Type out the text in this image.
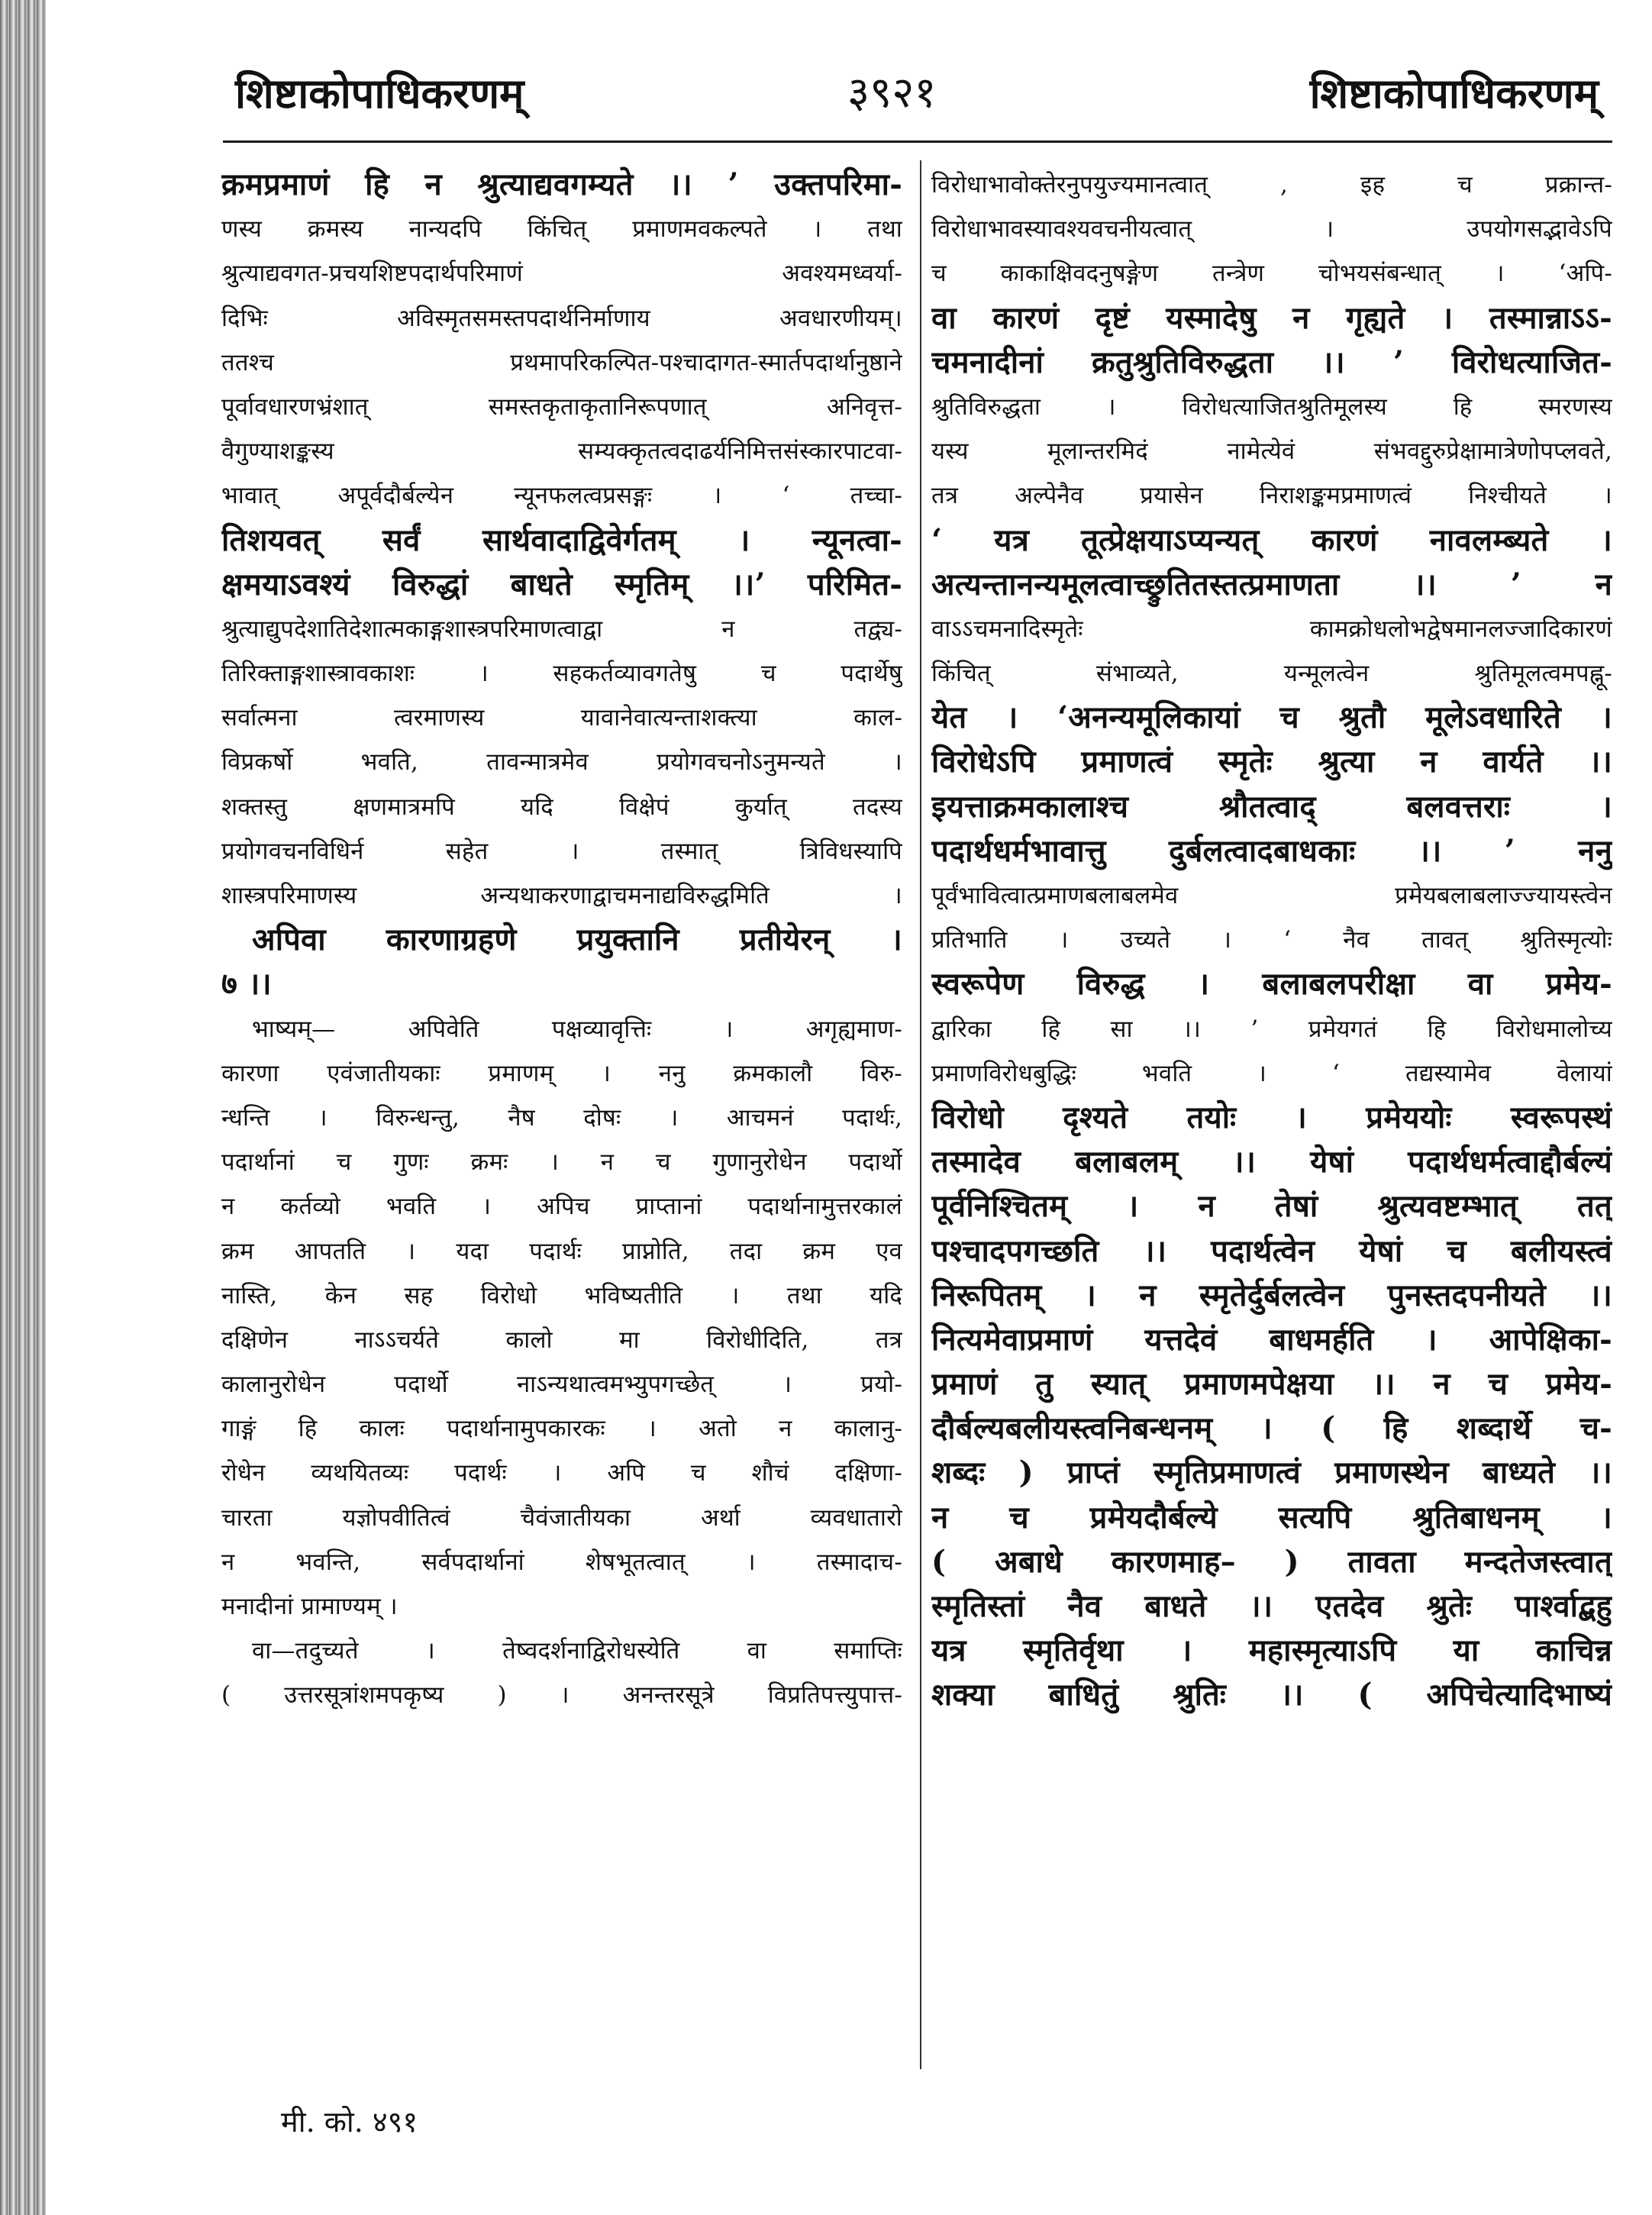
शिष्टाकोपाधिकरणम्	३९२१	शिष्टाकोपाधिकरणम्
क्रमप्रमाणं हि न श्रुत्याद्यवगम्यते ।। ’ उक्तपरिमा-
णस्य क्रमस्य नान्यदपि किंचित् प्रमाणमवकल्पते । तथा
श्रुत्याद्यवगत-प्रचयशिष्टपदार्थपरिमाणं अवश्यमध्वर्या-
दिभिः अविस्मृतसमस्तपदार्थनिर्माणाय अवधारणीयम्।
ततश्च प्रथमापरिकल्पित-पश्चादागत-स्मार्तपदार्थानुष्ठाने
पूर्वावधारणभ्रंशात् समस्तकृताकृतानिरूपणात् अनिवृत्त-
वैगुण्याशङ्कस्य सम्यक्कृतत्वदाढर्यनिमित्तसंस्कारपाटवा-
भावात् अपूर्वदौर्बल्येन न्यूनफलत्वप्रसङ्गः । ‘ तच्चा-
तिशयवत् सर्वं सार्थवादाद्विवेर्गतम् । न्यूनत्वा-
क्षमयाऽवश्यं विरुद्धां बाधते स्मृतिम् ।।’ परिमित-
श्रुत्याद्युपदेशातिदेशात्मकाङ्गशास्त्रपरिमाणत्वाद्वा न तद्व्य-
तिरिक्ताङ्गशास्त्रावकाशः । सहकर्तव्यावगतेषु च पदार्थेषु
सर्वात्मना त्वरमाणस्य यावानेवात्यन्ताशक्त्या काल-
विप्रकर्षो भवति, तावन्मात्रमेव प्रयोगवचनोऽनुमन्यते ।
शक्तस्तु क्षणमात्रमपि यदि विक्षेपं कुर्यात् तदस्य
प्रयोगवचनविधिर्न सहेत । तस्मात् त्रिविधस्यापि
शास्त्रपरिमाणस्य अन्यथाकरणाद्वाचमनाद्यविरुद्धमिति ।
अपिवा कारणाग्रहणे प्रयुक्तानि प्रतीयेरन् ।
७ ।।
भाष्यम्— अपिवेति पक्षव्यावृत्तिः । अगृह्यमाण-
कारणा एवंजातीयकाः प्रमाणम् । ननु क्रमकालौ विरु-
न्धन्ति । विरुन्धन्तु, नैष दोषः । आचमनं पदार्थः,
पदार्थानां च गुणः क्रमः । न च गुणानुरोधेन पदार्थो
न कर्तव्यो भवति । अपिच प्राप्तानां पदार्थानामुत्तरकालं
क्रम आपतति । यदा पदार्थः प्राप्नोति, तदा क्रम एव
नास्ति, केन सह विरोधो भविष्यतीति । तथा यदि
दक्षिणेन नाऽऽचर्यते कालो मा विरोधीदिति, तत्र
कालानुरोधेन पदार्थो नाऽन्यथात्वमभ्युपगच्छेत् । प्रयो-
गाङ्गं हि कालः पदार्थानामुपकारकः । अतो न कालानु-
रोधेन व्यथयितव्यः पदार्थः । अपि च शौचं दक्षिणा-
चारता यज्ञोपवीतित्वं चैवंजातीयका अर्था व्यवधातारो
न भवन्ति, सर्वपदार्थानां शेषभूतत्वात् । तस्मादाच-
मनादीनां प्रामाण्यम् ।
वा—तदुच्यते । तेष्वदर्शनाद्विरोधस्येति वा समाप्तिः
( उत्तरसूत्रांशमपकृष्य ) । अनन्तरसूत्रे विप्रतिपत्त्युपात्त-
विरोधाभावोक्तेरनुपयुज्यमानत्वात् , इह च प्रक्रान्त-
विरोधाभावस्यावश्यवचनीयत्वात् । उपयोगसद्भावेऽपि
च काकाक्षिवदनुषङ्गेण तन्त्रेण चोभयसंबन्धात् । ‘अपि-
वा कारणं दृष्टं यस्मादेषु न गृह्यते । तस्मान्नाऽऽ-
चमनादीनां क्रतुश्रुतिविरुद्धता ।। ’ विरोधत्याजित-
श्रुतिविरुद्धता । विरोधत्याजितश्रुतिमूलस्य हि स्मरणस्य
यस्य मूलान्तरमिदं नामेत्येवं संभवद्दुरुप्रेक्षामात्रेणोपप्लवते,
तत्र अल्पेनैव प्रयासेन निराशङ्कमप्रमाणत्वं निश्चीयते ।
‘ यत्र तूत्प्रेक्षयाऽप्यन्यत् कारणं नावलम्ब्यते ।
अत्यन्तानन्यमूलत्वाच्छ्रुतितस्तत्प्रमाणता ।। ’ न
वाऽऽचमनादिस्मृतेः कामक्रोधलोभद्वेषमानलज्जादिकारणं
किंचित् संभाव्यते, यन्मूलत्वेन श्रुतिमूलत्वमपह्नू-
येत । ‘अनन्यमूलिकायां च श्रुतौ मूलेऽवधारिते ।
विरोधेऽपि प्रमाणत्वं स्मृतेः श्रुत्या न वार्यते ।।
इयत्ताक्रमकालाश्च श्रौतत्वाद् बलवत्तराः ।
पदार्थधर्मभावात्तु दुर्बलत्वादबाधकाः ।। ’ ननु
पूर्वंभावित्वात्प्रमाणबलाबलमेव प्रमेयबलाबलाज्ज्यायस्त्वेन
प्रतिभाति । उच्यते । ‘ नैव तावत् श्रुतिस्मृत्योः
स्वरूपेण विरुद्ध । बलाबलपरीक्षा वा प्रमेय-
द्वारिका हि सा ।। ’ प्रमेयगतं हि विरोधमालोच्य
प्रमाणविरोधबुद्धिः भवति । ‘ तद्यस्यामेव वेलायां
विरोधो दृश्यते तयोः । प्रमेययोः स्वरूपस्थं
तस्मादेव बलाबलम् ।। येषां पदार्थधर्मत्वाद्दौर्बल्यं
पूर्वनिश्चितम् । न तेषां श्रुत्यवष्टम्भात् तत्
पश्चादपगच्छति ।। पदार्थत्वेन येषां च बलीयस्त्वं
निरूपितम् । न स्मृतेर्दुर्बलत्वेन पुनस्तदपनीयते ।।
नित्यमेवाप्रमाणं यत्तदेवं बाधमर्हति । आपेक्षिका-
प्रमाणं तु स्यात् प्रमाणमपेक्षया ।। न च प्रमेय-
दौर्बल्यबलीयस्त्वनिबन्धनम् । ( हि शब्दार्थे च-
शब्दः ) प्राप्तं स्मृतिप्रमाणत्वं प्रमाणस्थेन बाध्यते ।।
न च प्रमेयदौर्बल्ये सत्यपि श्रुतिबाधनम् ।
( अबाधे कारणमाह– ) तावता मन्दतेजस्त्वात्
स्मृतिस्तां नैव बाधते ।। एतदेव श्रुतेः पार्श्वाद्बहु
यत्र स्मृतिर्वृथा । महास्मृत्याऽपि या काचिन्न
शक्या बाधितुं श्रुतिः ।। ( अपिचेत्यादिभाष्यं
मी. को. ४९१
